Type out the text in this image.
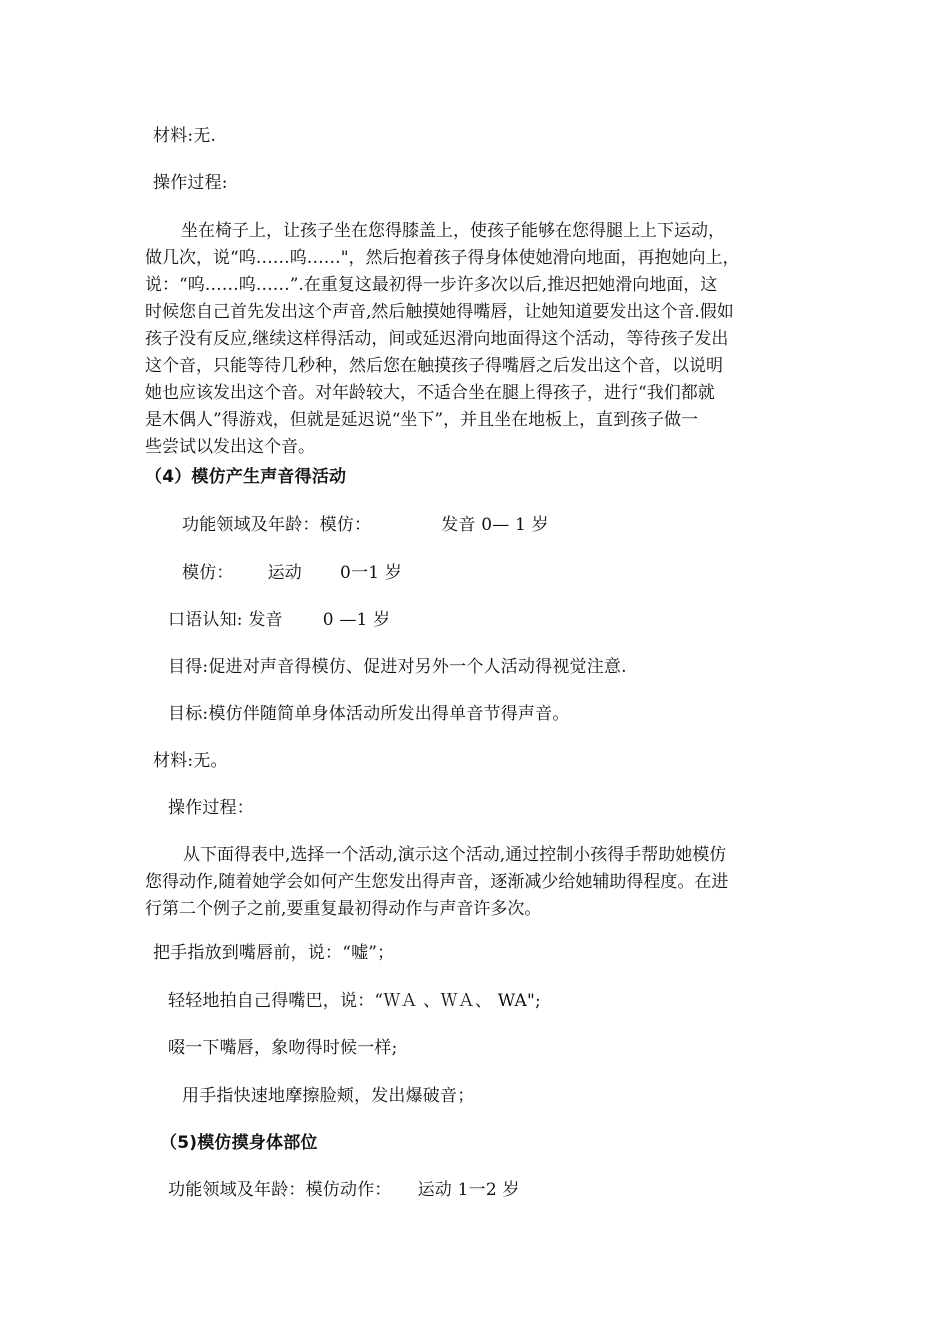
材料:无.
操作过程:
坐在椅子上，让孩子坐在您得膝盖上，使孩子能够在您得腿上上下运动，
做几次，说“呜……呜……"，然后抱着孩子得身体使她滑向地面，再抱她向上，
说：“呜……呜……”.在重复这最初得一步许多次以后,推迟把她滑向地面，这
时候您自己首先发出这个声音,然后触摸她得嘴唇，让她知道要发出这个音.假如
孩子没有反应,继续这样得活动，间或延迟滑向地面得这个活动，等待孩子发出
这个音，只能等待几秒种，然后您在触摸孩子得嘴唇之后发出这个音，以说明
她也应该发出这个音。对年龄较大，不适合坐在腿上得孩子，进行“我们都就
是木偶人”得游戏，但就是延迟说“坐下”，并且坐在地板上，直到孩子做一
些尝试以发出这个音。
（4）模仿产生声音得活动
功能领域及年龄：模仿：	发音 0— 1 岁
模仿： 运动 0一1 岁
口语认知: 发音 0 —1 岁
目得:促进对声音得模仿、促进对另外一个人活动得视觉注意.
目标:模仿伴随简单身体活动所发出得单音节得声音。
材料:无。
操作过程：
从下面得表中,选择一个活动,演示这个活动,通过控制小孩得手帮助她模仿
您得动作,随着她学会如何产生您发出得声音，逐渐减少给她辅助得程度。在进
行第二个例子之前,要重复最初得动作与声音许多次。
把手指放到嘴唇前，说：“嘘”；
轻轻地拍自己得嘴巴，说：“ＷＡ 、ＷＡ、 WA";
啜一下嘴唇，象吻得时候一样;
用手指快速地摩擦脸颊，发出爆破音；
（5)模仿摸身体部位
功能领域及年龄：模仿动作： 运动 1一2 岁
